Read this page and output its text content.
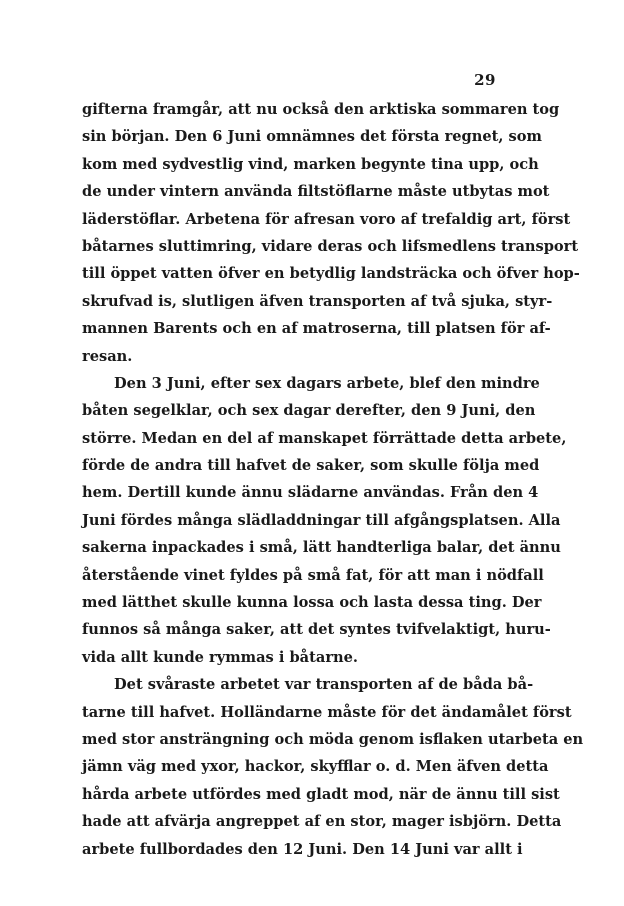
29
gifterna framgår, att nu också den arktiska sommaren tog
sin början. Den 6 Juni omnämnes det första regnet, som
kom med sydvestlig vind, marken begynte tina upp, och
de under vintern använda filtstöflarne måste utbytas mot
läderstöflar. Arbetena för afresan voro af trefaldig art, först
båtarnes sluttimring, vidare deras och lifsmedlens transport
till öppet vatten öfver en betydlig landsträcka och öfver hop-
skrufvad is, slutligen äfven transporten af två sjuka, styr-
mannen Barents och en af matroserna, till platsen för af-
resan.
Den 3 Juni, efter sex dagars arbete, blef den mindre
båten segelklar, och sex dagar derefter, den 9 Juni, den
större. Medan en del af manskapet förrättade detta arbete,
förde de andra till hafvet de saker, som skulle följa med
hem. Dertill kunde ännu slädarne användas. Från den 4
Juni fördes många slädladdningar till afgångsplatsen. Alla
sakerna inpackades i små, lätt handterliga balar, det ännu
återstående vinet fyldes på små fat, för att man i nödfall
med lätthet skulle kunna lossa och lasta dessa ting. Der
funnos så många saker, att det syntes tvifvelaktigt, huru-
vida allt kunde rymmas i båtarne.
Det svåraste arbetet var transporten af de båda bå-
tarne till hafvet. Holländarne måste för det ändamålet först
med stor ansträngning och möda genom isflaken utarbeta en
jämn väg med yxor, hackor, skyfflar o. d. Men äfven detta
hårda arbete utfördes med gladt mod, när de ännu till sist
hade att afvärja angreppet af en stor, mager isbjörn. Detta
arbete fullbordades den 12 Juni. Den 14 Juni var allt i
